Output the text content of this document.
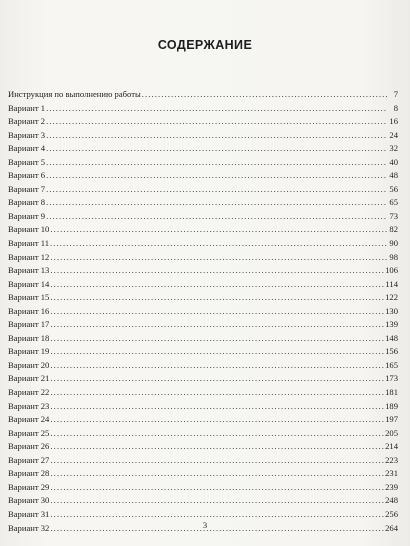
СОДЕРЖАНИЕ
Инструкция по выполнению работы .....	7
Вариант 1 .....	8
Вариант 2 .....	16
Вариант 3 .....	24
Вариант 4 .....	32
Вариант 5 .....	40
Вариант 6 .....	48
Вариант 7 .....	56
Вариант 8 .....	65
Вариант 9 .....	73
Вариант 10 .....	82
Вариант 11 .....	90
Вариант 12 .....	98
Вариант 13 .....	106
Вариант 14 .....	114
Вариант 15 .....	122
Вариант 16 .....	130
Вариант 17 .....	139
Вариант 18 .....	148
Вариант 19 .....	156
Вариант 20 .....	165
Вариант 21 .....	173
Вариант 22 .....	181
Вариант 23 .....	189
Вариант 24 .....	197
Вариант 25 .....	205
Вариант 26 .....	214
Вариант 27 .....	223
Вариант 28 .....	231
Вариант 29 .....	239
Вариант 30 .....	248
Вариант 31 .....	256
Вариант 32 .....	264
3
